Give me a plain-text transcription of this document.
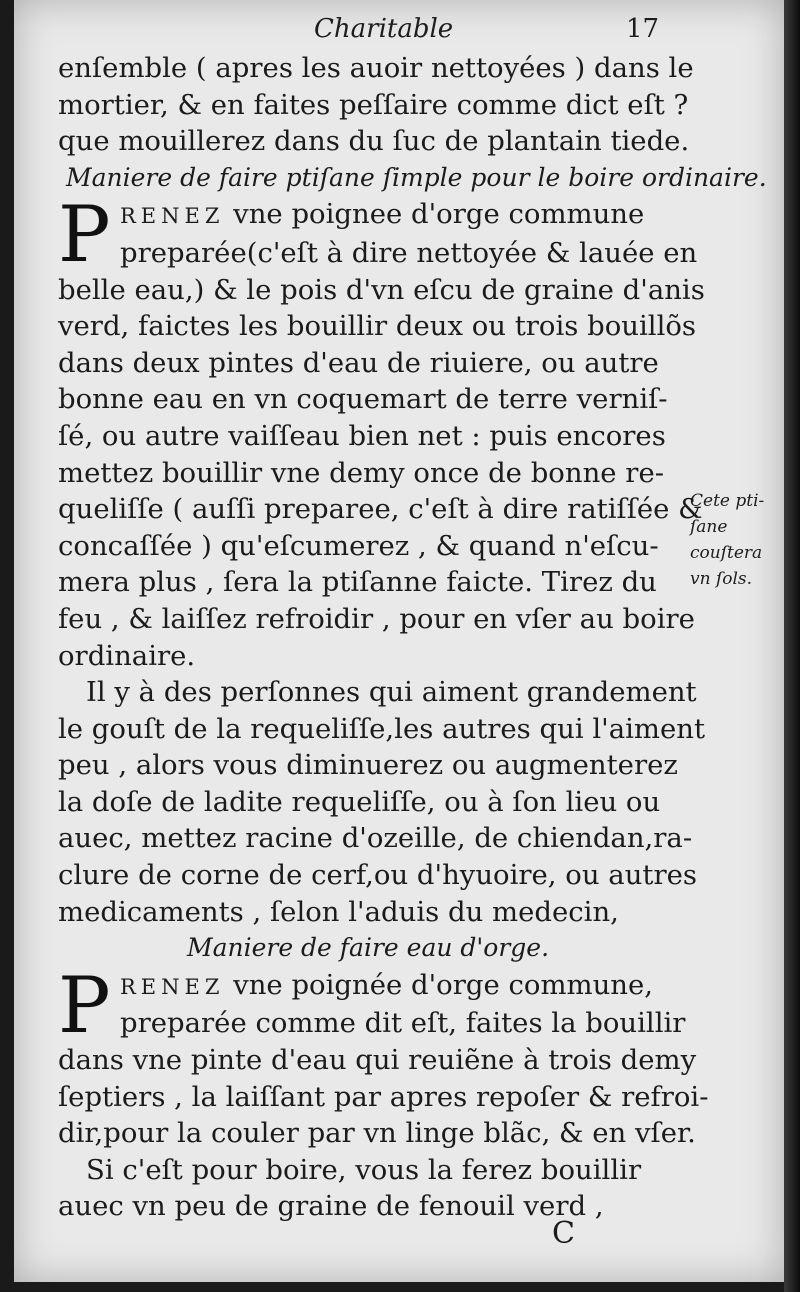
Charitable	17
enſemble ( apres les auoir nettoyées ) dans le
mortier, & en faites peſſaire comme dict eſt ?
que mouillerez dans du ſuc de plantain tiede.
Maniere de faire ptiſane ſimple pour le boire ordinaire.
P RENEZ vne poignee d'orge commune
preparée(c'eſt à dire nettoyée & lauée en
belle eau,) & le pois d'vn eſcu de graine d'anis
verd, faictes les bouillir deux ou trois bouillõs
dans deux pintes d'eau de riuiere, ou autre
bonne eau en vn coquemart de terre verniſ-
ſé, ou autre vaiſſeau bien net : puis encores
mettez bouillir vne demy once de bonne re-
queliſſe ( auſſi preparee, c'eſt à dire ratiſſée &
concaſſée ) qu'eſcumerez , & quand n'eſcu-
mera plus , ſera la ptiſanne faicte. Tirez du
feu , & laiſſez refroidir , pour en vſer au boire
ordinaire.
Il y à des perſonnes qui aiment grandement
le gouſt de la requeliſſe,les autres qui l'aiment
peu , alors vous diminuerez ou augmenterez
la doſe de ladite requeliſſe, ou à ſon lieu ou
auec, mettez racine d'ozeille, de chiendan,ra-
clure de corne de cerf,ou d'hyuoire, ou autres
medicaments , ſelon l'aduis du medecin,
Maniere de faire eau d'orge.
P RENEZ vne poignée d'orge commune,
preparée comme dit eſt, faites la bouillir
dans vne pinte d'eau qui reuiẽne à trois demy
ſeptiers , la laiſſant par apres repoſer & refroi-
dir,pour la couler par vn linge blãc, & en vſer.
Si c'eſt pour boire, vous la ferez bouillir
auec vn peu de graine de fenouil verd ,
Cete pti-
ſane
couſtera
vn ſols.
C
